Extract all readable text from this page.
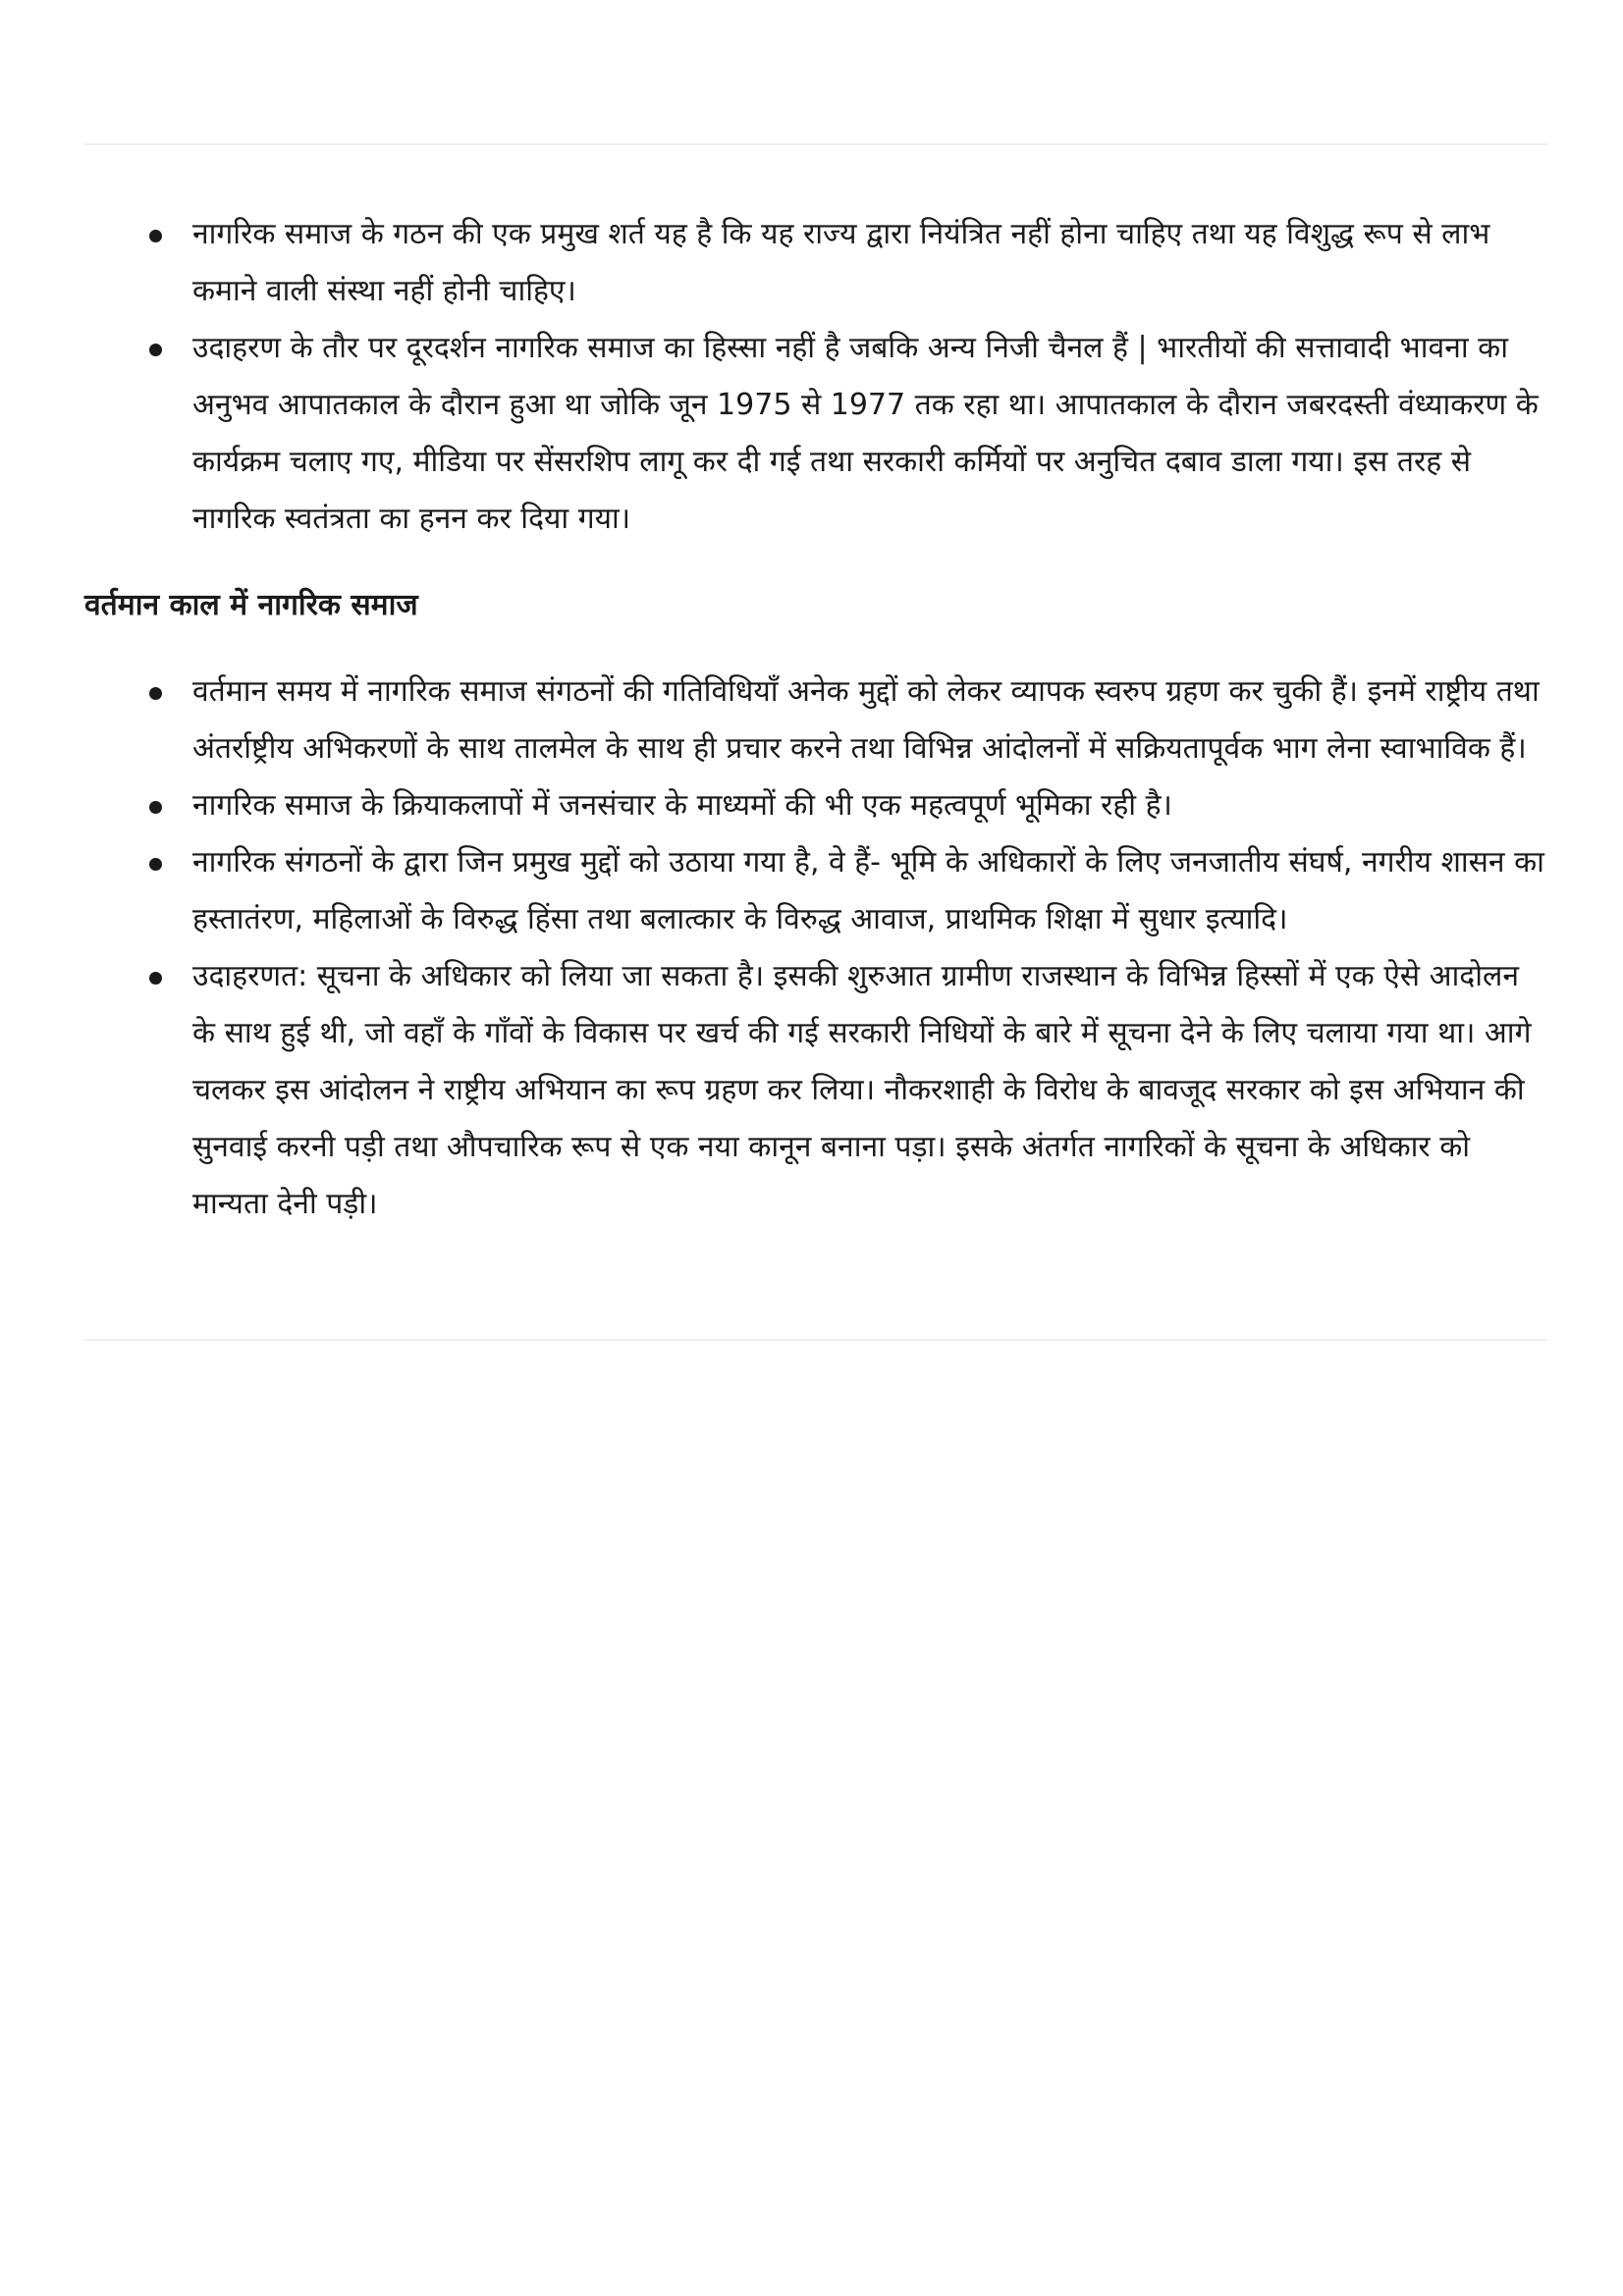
नागरिक समाज के गठन की एक प्रमुख शर्त यह है कि यह राज्य द्वारा नियंत्रित नहीं होना चाहिए तथा यह विशुद्ध रूप से लाभ कमाने वाली संस्था नहीं होनी चाहिए।
उदाहरण के तौर पर दूरदर्शन नागरिक समाज का हिस्सा नहीं है जबकि अन्य निजी चैनल हैं | भारतीयों की सत्तावादी भावना का अनुभव आपातकाल के दौरान हुआ था जोकि जून 1975 से 1977 तक रहा था। आपातकाल के दौरान जबरदस्ती वंध्याकरण के कार्यक्रम चलाए गए, मीडिया पर सेंसरशिप लागू कर दी गई तथा सरकारी कर्मियों पर अनुचित दबाव डाला गया। इस तरह से नागरिक स्वतंत्रता का हनन कर दिया गया।
वर्तमान काल में नागरिक समाज
वर्तमान समय में नागरिक समाज संगठनों की गतिविधियाँ अनेक मुद्दों को लेकर व्यापक स्वरुप ग्रहण कर चुकी हैं। इनमें राष्ट्रीय तथा अंतर्राष्ट्रीय अभिकरणों के साथ तालमेल के साथ ही प्रचार करने तथा विभिन्न आंदोलनों में सक्रियतापूर्वक भाग लेना स्वाभाविक हैं।
नागरिक समाज के क्रियाकलापों में जनसंचार के माध्यमों की भी एक महत्वपूर्ण भूमिका रही है।
नागरिक संगठनों के द्वारा जिन प्रमुख मुद्दों को उठाया गया है, वे हैं- भूमि के अधिकारों के लिए जनजातीय संघर्ष, नगरीय शासन का हस्तातंरण, महिलाओं के विरुद्ध हिंसा तथा बलात्कार के विरुद्ध आवाज, प्राथमिक शिक्षा में सुधार इत्यादि।
उदाहरणत: सूचना के अधिकार को लिया जा सकता है। इसकी शुरुआत ग्रामीण राजस्थान के विभिन्न हिस्सों में एक ऐसे आदोलन के साथ हुई थी, जो वहाँ के गाँवों के विकास पर खर्च की गई सरकारी निधियों के बारे में सूचना देने के लिए चलाया गया था। आगे चलकर इस आंदोलन ने राष्ट्रीय अभियान का रूप ग्रहण कर लिया। नौकरशाही के विरोध के बावजूद सरकार को इस अभियान की सुनवाई करनी पड़ी तथा औपचारिक रूप से एक नया कानून बनाना पड़ा। इसके अंतर्गत नागरिकों के सूचना के अधिकार को मान्यता देनी पड़ी।
